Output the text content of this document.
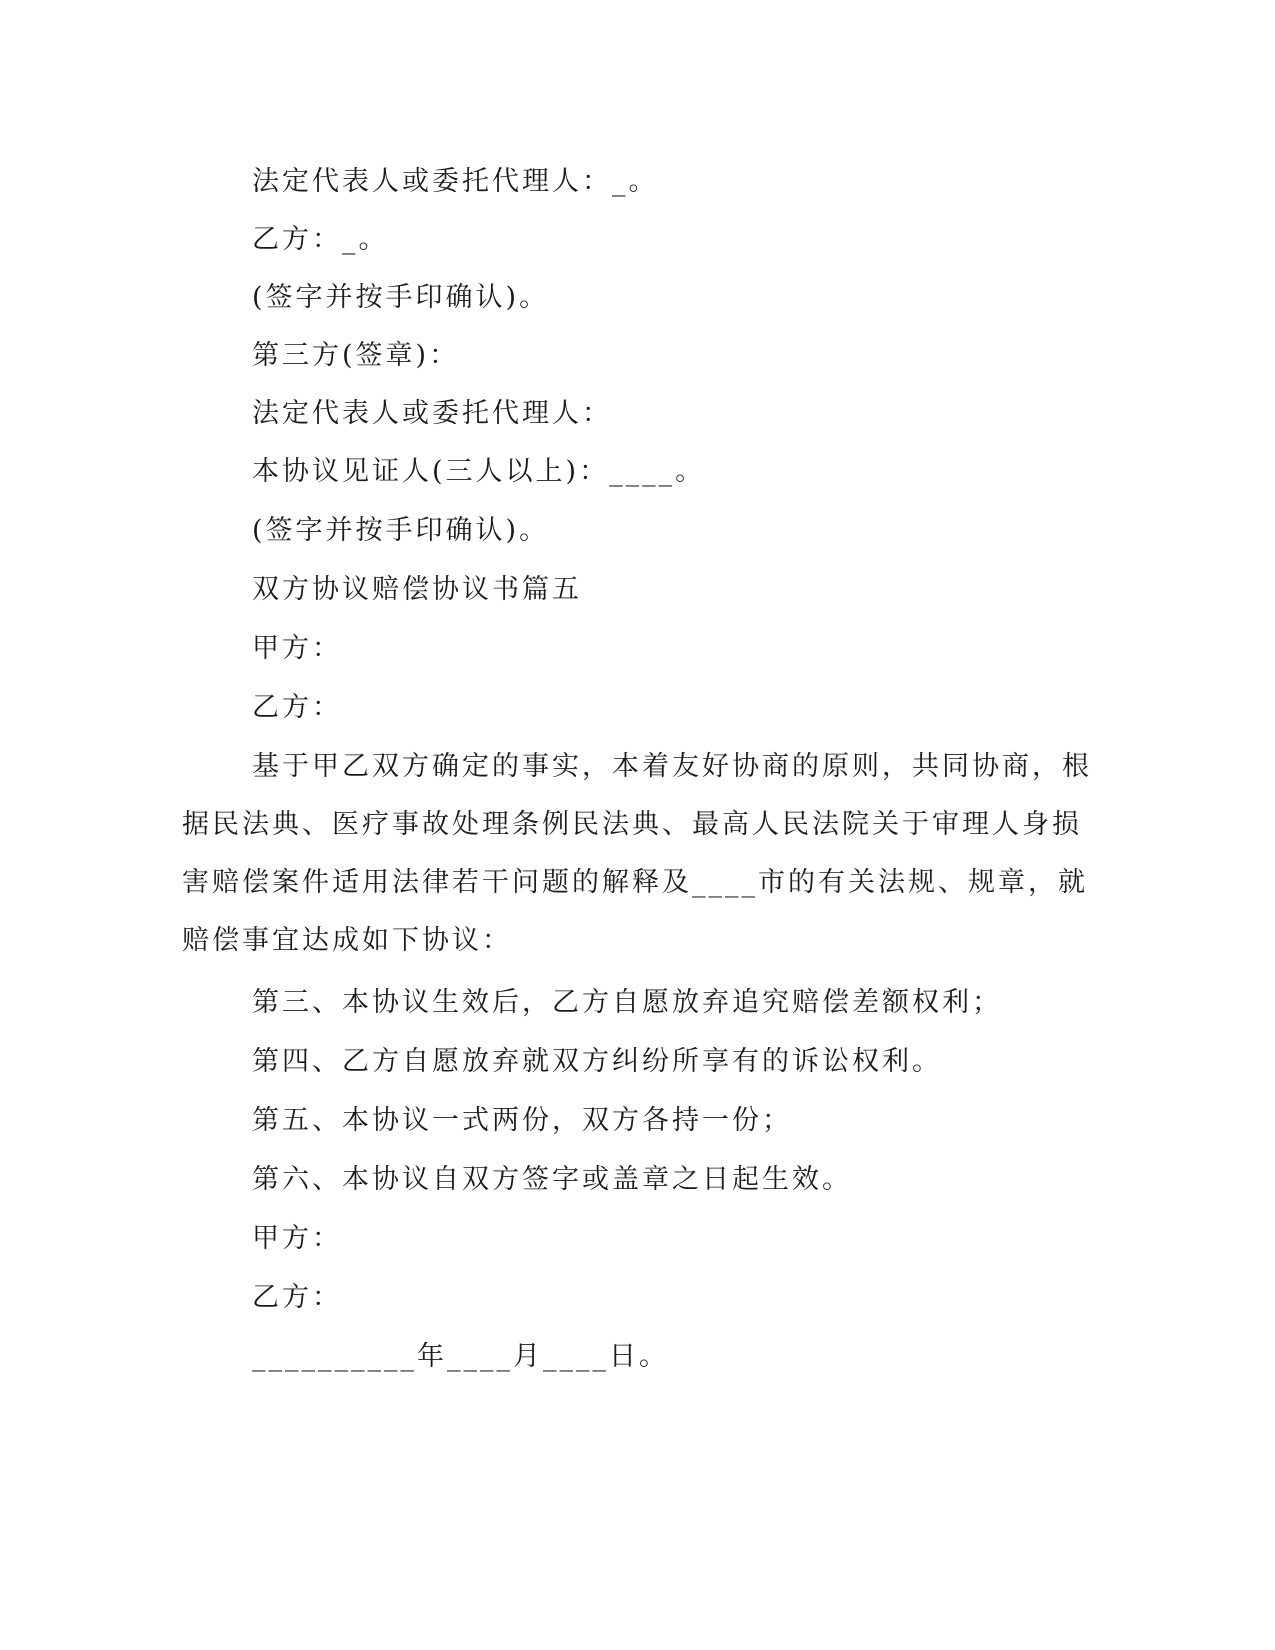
法定代表人或委托代理人：_。
乙方：_。
(签字并按手印确认)。
第三方(签章)：
法定代表人或委托代理人：
本协议见证人(三人以上)：____。
(签字并按手印确认)。
双方协议赔偿协议书篇五
甲方：
乙方：
基于甲乙双方确定的事实，本着友好协商的原则，共同协商，根
据民法典、医疗事故处理条例民法典、最高人民法院关于审理人身损
害赔偿案件适用法律若干问题的解释及____市的有关法规、规章，就
赔偿事宜达成如下协议：
第三、本协议生效后，乙方自愿放弃追究赔偿差额权利；
第四、乙方自愿放弃就双方纠纷所享有的诉讼权利。
第五、本协议一式两份，双方各持一份；
第六、本协议自双方签字或盖章之日起生效。
甲方：
乙方：
__________年____月____日。
